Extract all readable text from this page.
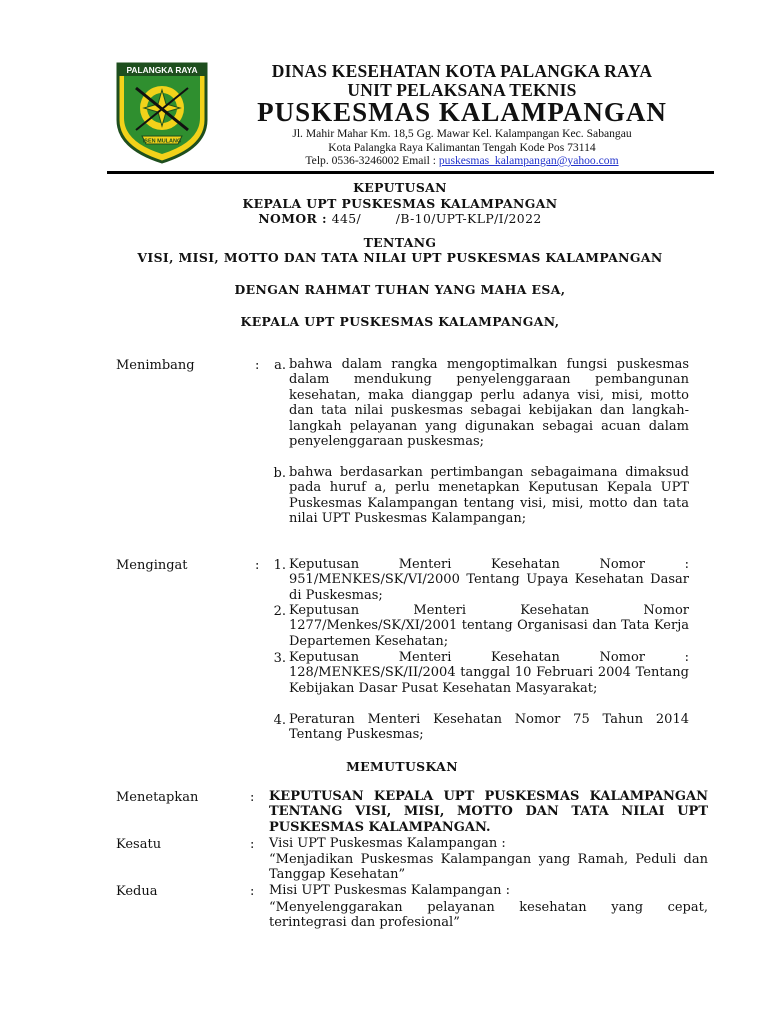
PALANGKA RAYA
ISEN MULANG
DINAS KESEHATAN KOTA PALANGKA RAYA
UNIT PELAKSANA TEKNIS
PUSKESMAS KALAMPANGAN
Jl. Mahir Mahar Km. 18,5 Gg. Mawar Kel. Kalampangan Kec. Sabangau
Kota Palangka Raya Kalimantan Tengah Kode Pos 73114
Telp. 0536-3246002 Email : puskesmas_kalampangan@yahoo.com
KEPUTUSAN
KEPALA UPT PUSKESMAS KALAMPANGAN
NOMOR : 445/        /B-10/UPT-KLP/I/2022
TENTANG
VISI, MISI, MOTTO DAN TATA NILAI UPT PUSKESMAS KALAMPANGAN
DENGAN RAHMAT TUHAN YANG MAHA ESA,
KEPALA UPT PUSKESMAS KALAMPANGAN,
Menimbang	:	a. bahwa dalam rangka mengoptimalkan fungsi puskesmas dalam mendukung penyelenggaraan pembangunan kesehatan, maka dianggap perlu adanya visi, misi, motto dan tata nilai puskesmas sebagai kebijakan dan langkah-langkah pelayanan yang digunakan sebagai acuan dalam penyelenggaraan puskesmas;
b. bahwa berdasarkan pertimbangan sebagaimana dimaksud pada huruf a, perlu menetapkan Keputusan Kepala UPT Puskesmas Kalampangan tentang visi, misi, motto dan tata nilai UPT Puskesmas Kalampangan;
Mengingat	:	1. Keputusan Menteri Kesehatan Nomor : 951/MENKES/SK/VI/2000 Tentang Upaya Kesehatan Dasar di Puskesmas;
2. Keputusan Menteri Kesehatan Nomor 1277/Menkes/SK/XI/2001 tentang Organisasi dan Tata Kerja Departemen Kesehatan;
3. Keputusan Menteri Kesehatan Nomor : 128/MENKES/SK/II/2004 tanggal 10 Februari 2004 Tentang Kebijakan Dasar Pusat Kesehatan Masyarakat;
4. Peraturan Menteri Kesehatan Nomor 75 Tahun 2014 Tentang Puskesmas;
MEMUTUSKAN
Menetapkan	: KEPUTUSAN KEPALA UPT PUSKESMAS KALAMPANGAN TENTANG VISI, MISI, MOTTO DAN TATA NILAI UPT PUSKESMAS KALAMPANGAN.
Kesatu	: Visi UPT Puskesmas Kalampangan :
“Menjadikan Puskesmas Kalampangan yang Ramah, Peduli dan Tanggap Kesehatan”
Kedua	: Misi UPT Puskesmas Kalampangan :
“Menyelenggarakan pelayanan kesehatan yang cepat, terintegrasi dan profesional”
